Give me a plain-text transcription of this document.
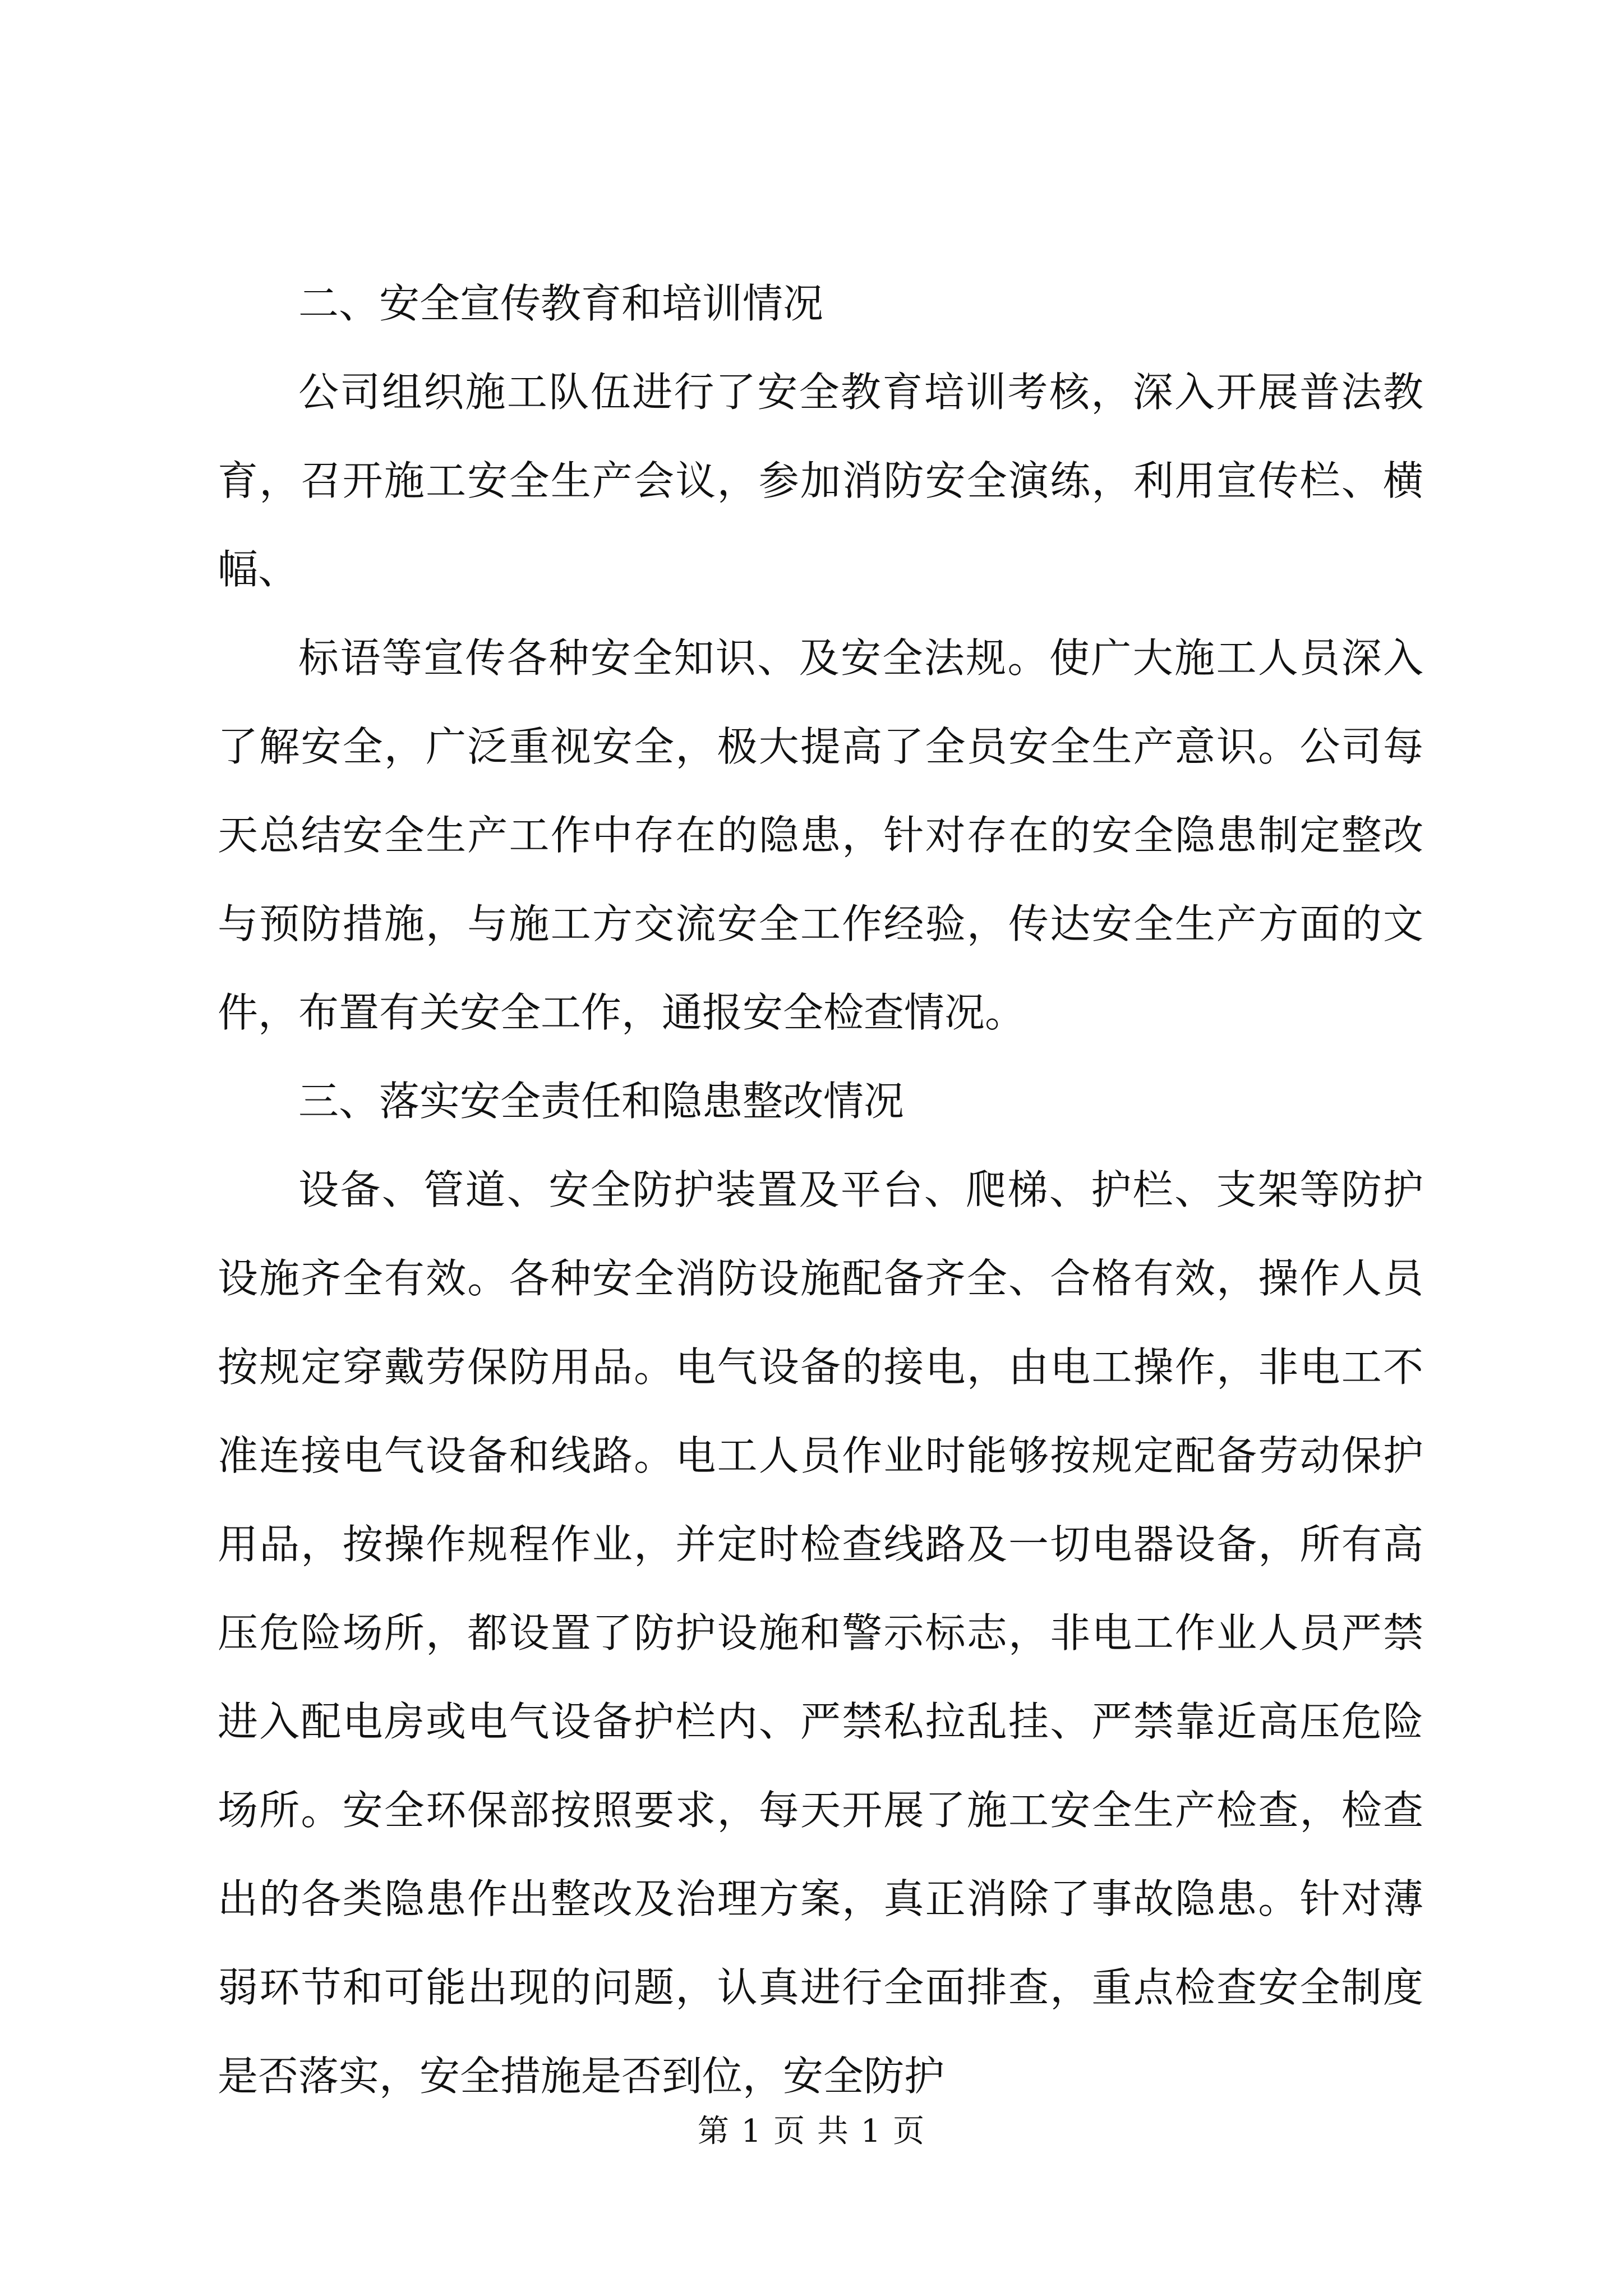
二、安全宣传教育和培训情况

公司组织施工队伍进行了安全教育培训考核，深入开展普法教育，召开施工安全生产会议，参加消防安全演练，利用宣传栏、横幅、

标语等宣传各种安全知识、及安全法规。使广大施工人员深入了解安全，广泛重视安全，极大提高了全员安全生产意识。公司每天总结安全生产工作中存在的隐患，针对存在的安全隐患制定整改与预防措施，与施工方交流安全工作经验，传达安全生产方面的文件，布置有关安全工作，通报安全检查情况。

三、落实安全责任和隐患整改情况

设备、管道、安全防护装置及平台、爬梯、护栏、支架等防护设施齐全有效。各种安全消防设施配备齐全、合格有效，操作人员按规定穿戴劳保防用品。电气设备的接电，由电工操作，非电工不准连接电气设备和线路。电工人员作业时能够按规定配备劳动保护用品，按操作规程作业，并定时检查线路及一切电器设备，所有高压危险场所，都设置了防护设施和警示标志，非电工作业人员严禁进入配电房或电气设备护栏内、严禁私拉乱挂、严禁靠近高压危险场所。安全环保部按照要求，每天开展了施工安全生产检查，检查出的各类隐患作出整改及治理方案，真正消除了事故隐患。针对薄弱环节和可能出现的问题，认真进行全面排查，重点检查安全制度是否落实，安全措施是否到位，安全防护

第 1 页 共 1 页
